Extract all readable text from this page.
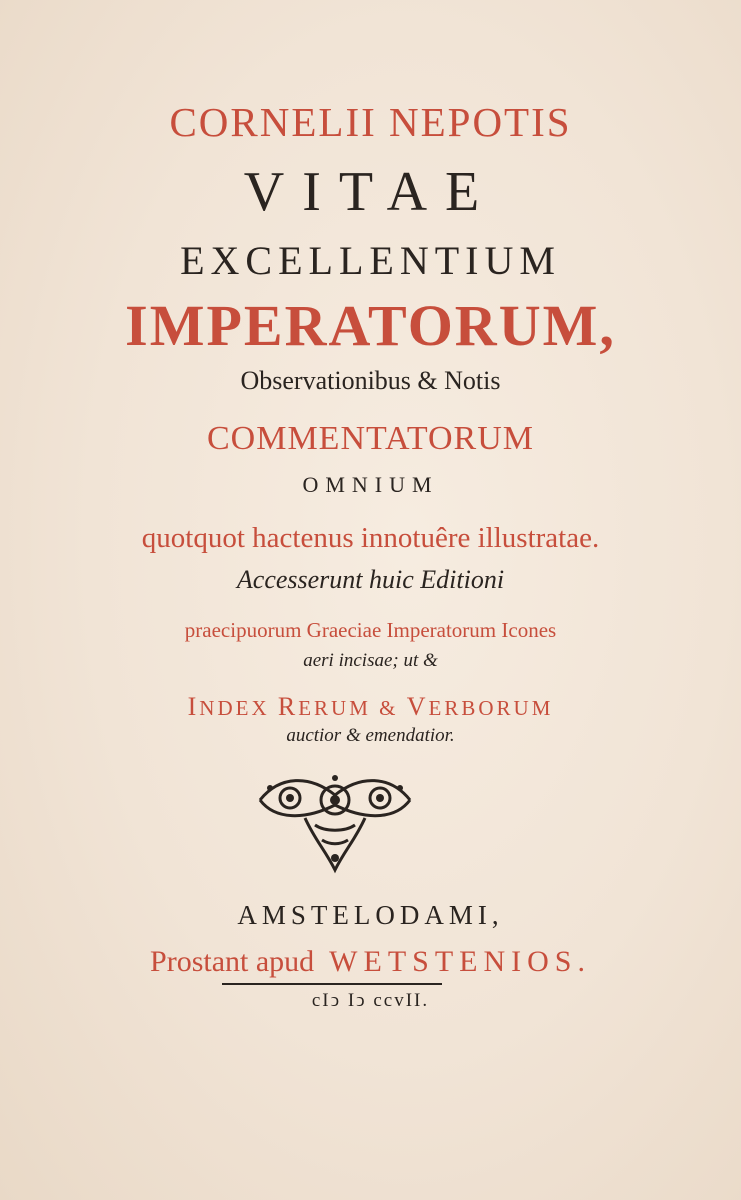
CORNELII NEPOTIS
VITAE
EXCELLENTIUM
IMPERATORUM,
Observationibus & Notis
COMMENTATORUM
OMNIUM
quotquot hactenus innotuêre illustratae.
Accesserunt huic Editioni
praecipuorum Graeciae Imperatorum Icones
aeri incisae; ut &
INDEX RERUM & VERBORUM
auctior & emendatior.
AMSTELODAMI,
Prostant apud WETSTENIOS.
cIↄ Iↄ ccvII.
